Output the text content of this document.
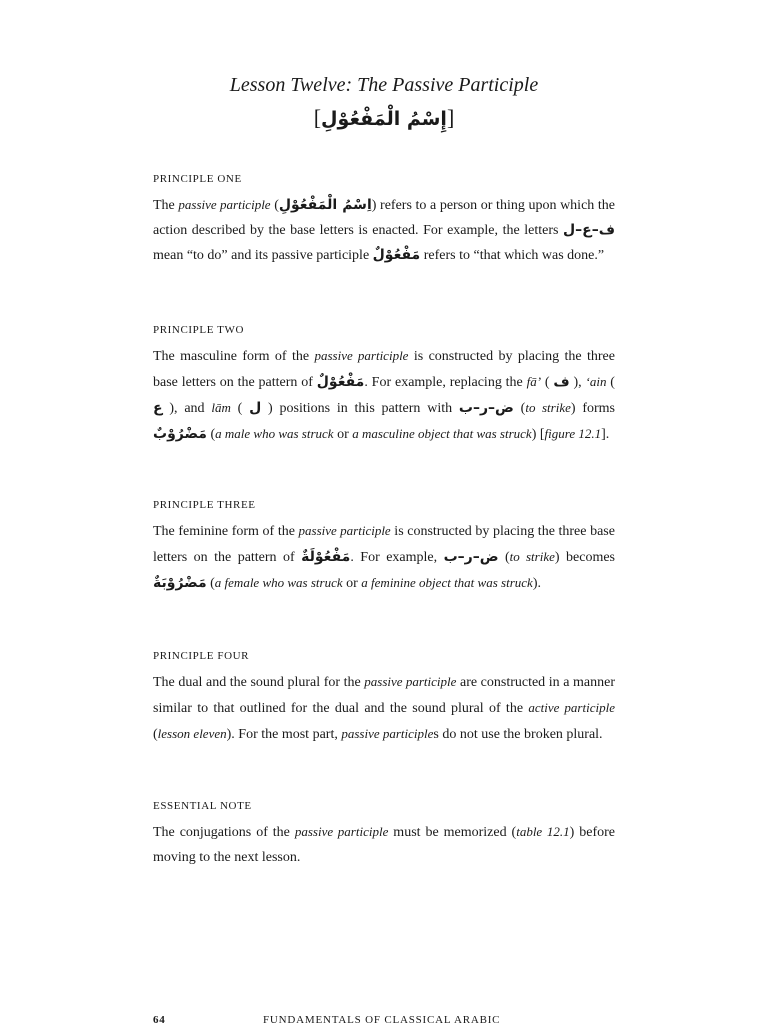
Lesson Twelve: The Passive Participle
[إِسْمُ الْمَفْعُوْلِ]
PRINCIPLE ONE

The passive participle (اِسْمُ الْمَفْعُوْلِ) refers to a person or thing upon which the action described by the base letters is enacted. For example, the letters ف–ع–ل mean “to do” and its passive participle مَفْعُوْلٌ refers to “that which was done.”

PRINCIPLE TWO

The masculine form of the passive participle is constructed by placing the three base letters on the pattern of مَفْعُوْلٌ. For example, replacing the fā’ ( ف ), ‘ain ( ع ), and lām ( ل ) positions in this pattern with ض–ر–ب (to strike) forms مَضْرُوْبٌ (a male who was struck or a masculine object that was struck) [figure 12.1].

PRINCIPLE THREE

The feminine form of the passive participle is constructed by placing the three base letters on the pattern of مَفْعُوْلَةٌ. For example, ض–ر–ب (to strike) becomes مَضْرُوْبَةٌ (a female who was struck or a feminine object that was struck).

PRINCIPLE FOUR

The dual and the sound plural for the passive participle are constructed in a manner similar to that outlined for the dual and the sound plural of the active participle (lesson eleven). For the most part, passive participles do not use the broken plural.

ESSENTIAL NOTE

The conjugations of the passive participle must be memorized (table 12.1) before moving to the next lesson.

64	FUNDAMENTALS OF CLASSICAL ARABIC
